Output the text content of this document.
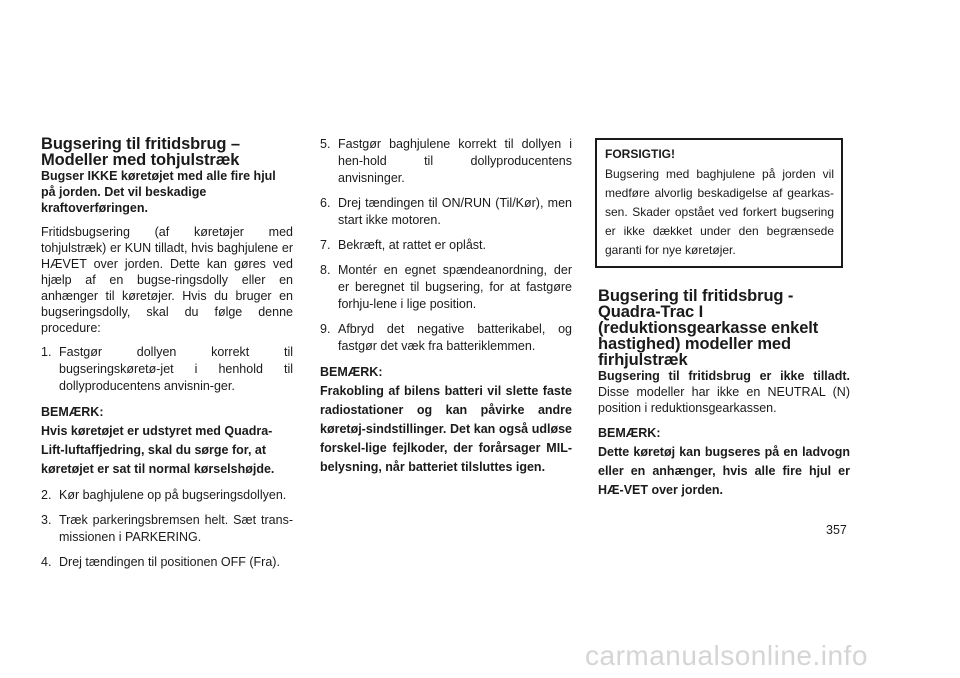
Bugsering til fritidsbrug – Modeller med tohjulstræk

Bugser IKKE køretøjet med alle fire hjul på jorden. Det vil beskadige kraftoverføringen.

Fritidsbugsering (af køretøjer med tohjulstræk) er KUN tilladt, hvis baghjulene er HÆVET over jorden. Dette kan gøres ved hjælp af en bugse-ringsdolly eller en anhænger til køretøjer. Hvis du bruger en bugseringsdolly, skal du følge denne procedure:

1. Fastgør dollyen korrekt til bugseringskøretø-jet i henhold til dollyproducentens anvisnin-ger.
BEMÆRK:
Hvis køretøjet er udstyret med Quadra-Lift-luftaffjedring, skal du sørge for, at køretøjet er sat til normal kørselshøjde.
2. Kør baghjulene op på bugseringsdollyen.
3. Træk parkeringsbremsen helt. Sæt trans-missionen i PARKERING.
4. Drej tændingen til positionen OFF (Fra).
5. Fastgør baghjulene korrekt til dollyen i hen-hold til dollyproducentens anvisninger.
6. Drej tændingen til ON/RUN (Til/Kør), men start ikke motoren.
7. Bekræft, at rattet er oplåst.
8. Montér en egnet spændeanordning, der er beregnet til bugsering, for at fastgøre forhju-lene i lige position.
9. Afbryd det negative batterikabel, og fastgør det væk fra batteriklemmen.
BEMÆRK:
Frakobling af bilens batteri vil slette faste radiostationer og kan påvirke andre køretøj-sindstillinger. Det kan også udløse forskel-lige fejlkoder, der forårsager MIL-belysning, når batteriet tilsluttes igen.
FORSIGTIG!
Bugsering med baghjulene på jorden vil medføre alvorlig beskadigelse af gearkas-sen. Skader opstået ved forkert bugsering er ikke dækket under den begrænsede garanti for nye køretøjer.
Bugsering til fritidsbrug - Quadra-Trac I (reduktionsgearkasse enkelt hastighed) modeller med firhjulstræk

Bugsering til fritidsbrug er ikke tilladt. Disse modeller har ikke en NEUTRAL (N) position i reduktionsgearkassen.

BEMÆRK:
Dette køretøj kan bugseres på en ladvogn eller en anhænger, hvis alle fire hjul er HÆ-VET over jorden.
357
carmanualsonline.info
